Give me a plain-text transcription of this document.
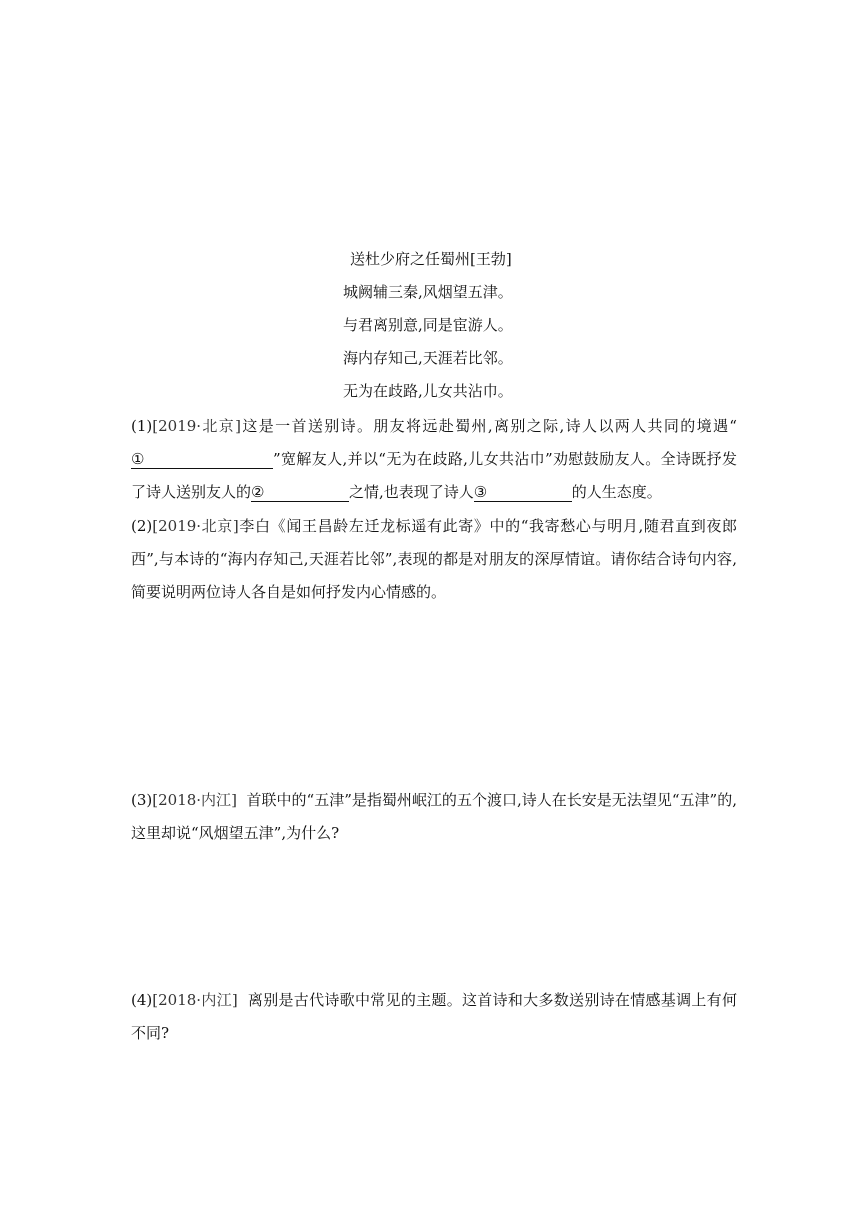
送杜少府之任蜀州[王勃]
城阙辅三秦,风烟望五津。
与君离别意,同是宦游人。
海内存知己,天涯若比邻。
无为在歧路,儿女共沾巾。
(1)[2019·北京]这是一首送别诗。朋友将远赴蜀州,离别之际,诗人以两人共同的境遇“①	”宽解友人,并以“无为在歧路,儿女共沾巾”劝慰鼓励友人。全诗既抒发了诗人送别友人的②	之情,也表现了诗人③	的人生态度。
(2)[2019·北京]李白《闻王昌龄左迁龙标遥有此寄》中的“我寄愁心与明月,随君直到夜郎西”,与本诗的“海内存知己,天涯若比邻”,表现的都是对朋友的深厚情谊。请你结合诗句内容,简要说明两位诗人各自是如何抒发内心情感的。
(3)[2018·内江] 首联中的“五津”是指蜀州岷江的五个渡口,诗人在长安是无法望见“五津”的,这里却说“风烟望五津”,为什么?
(4)[2018·内江] 离别是古代诗歌中常见的主题。这首诗和大多数送别诗在情感基调上有何不同?
